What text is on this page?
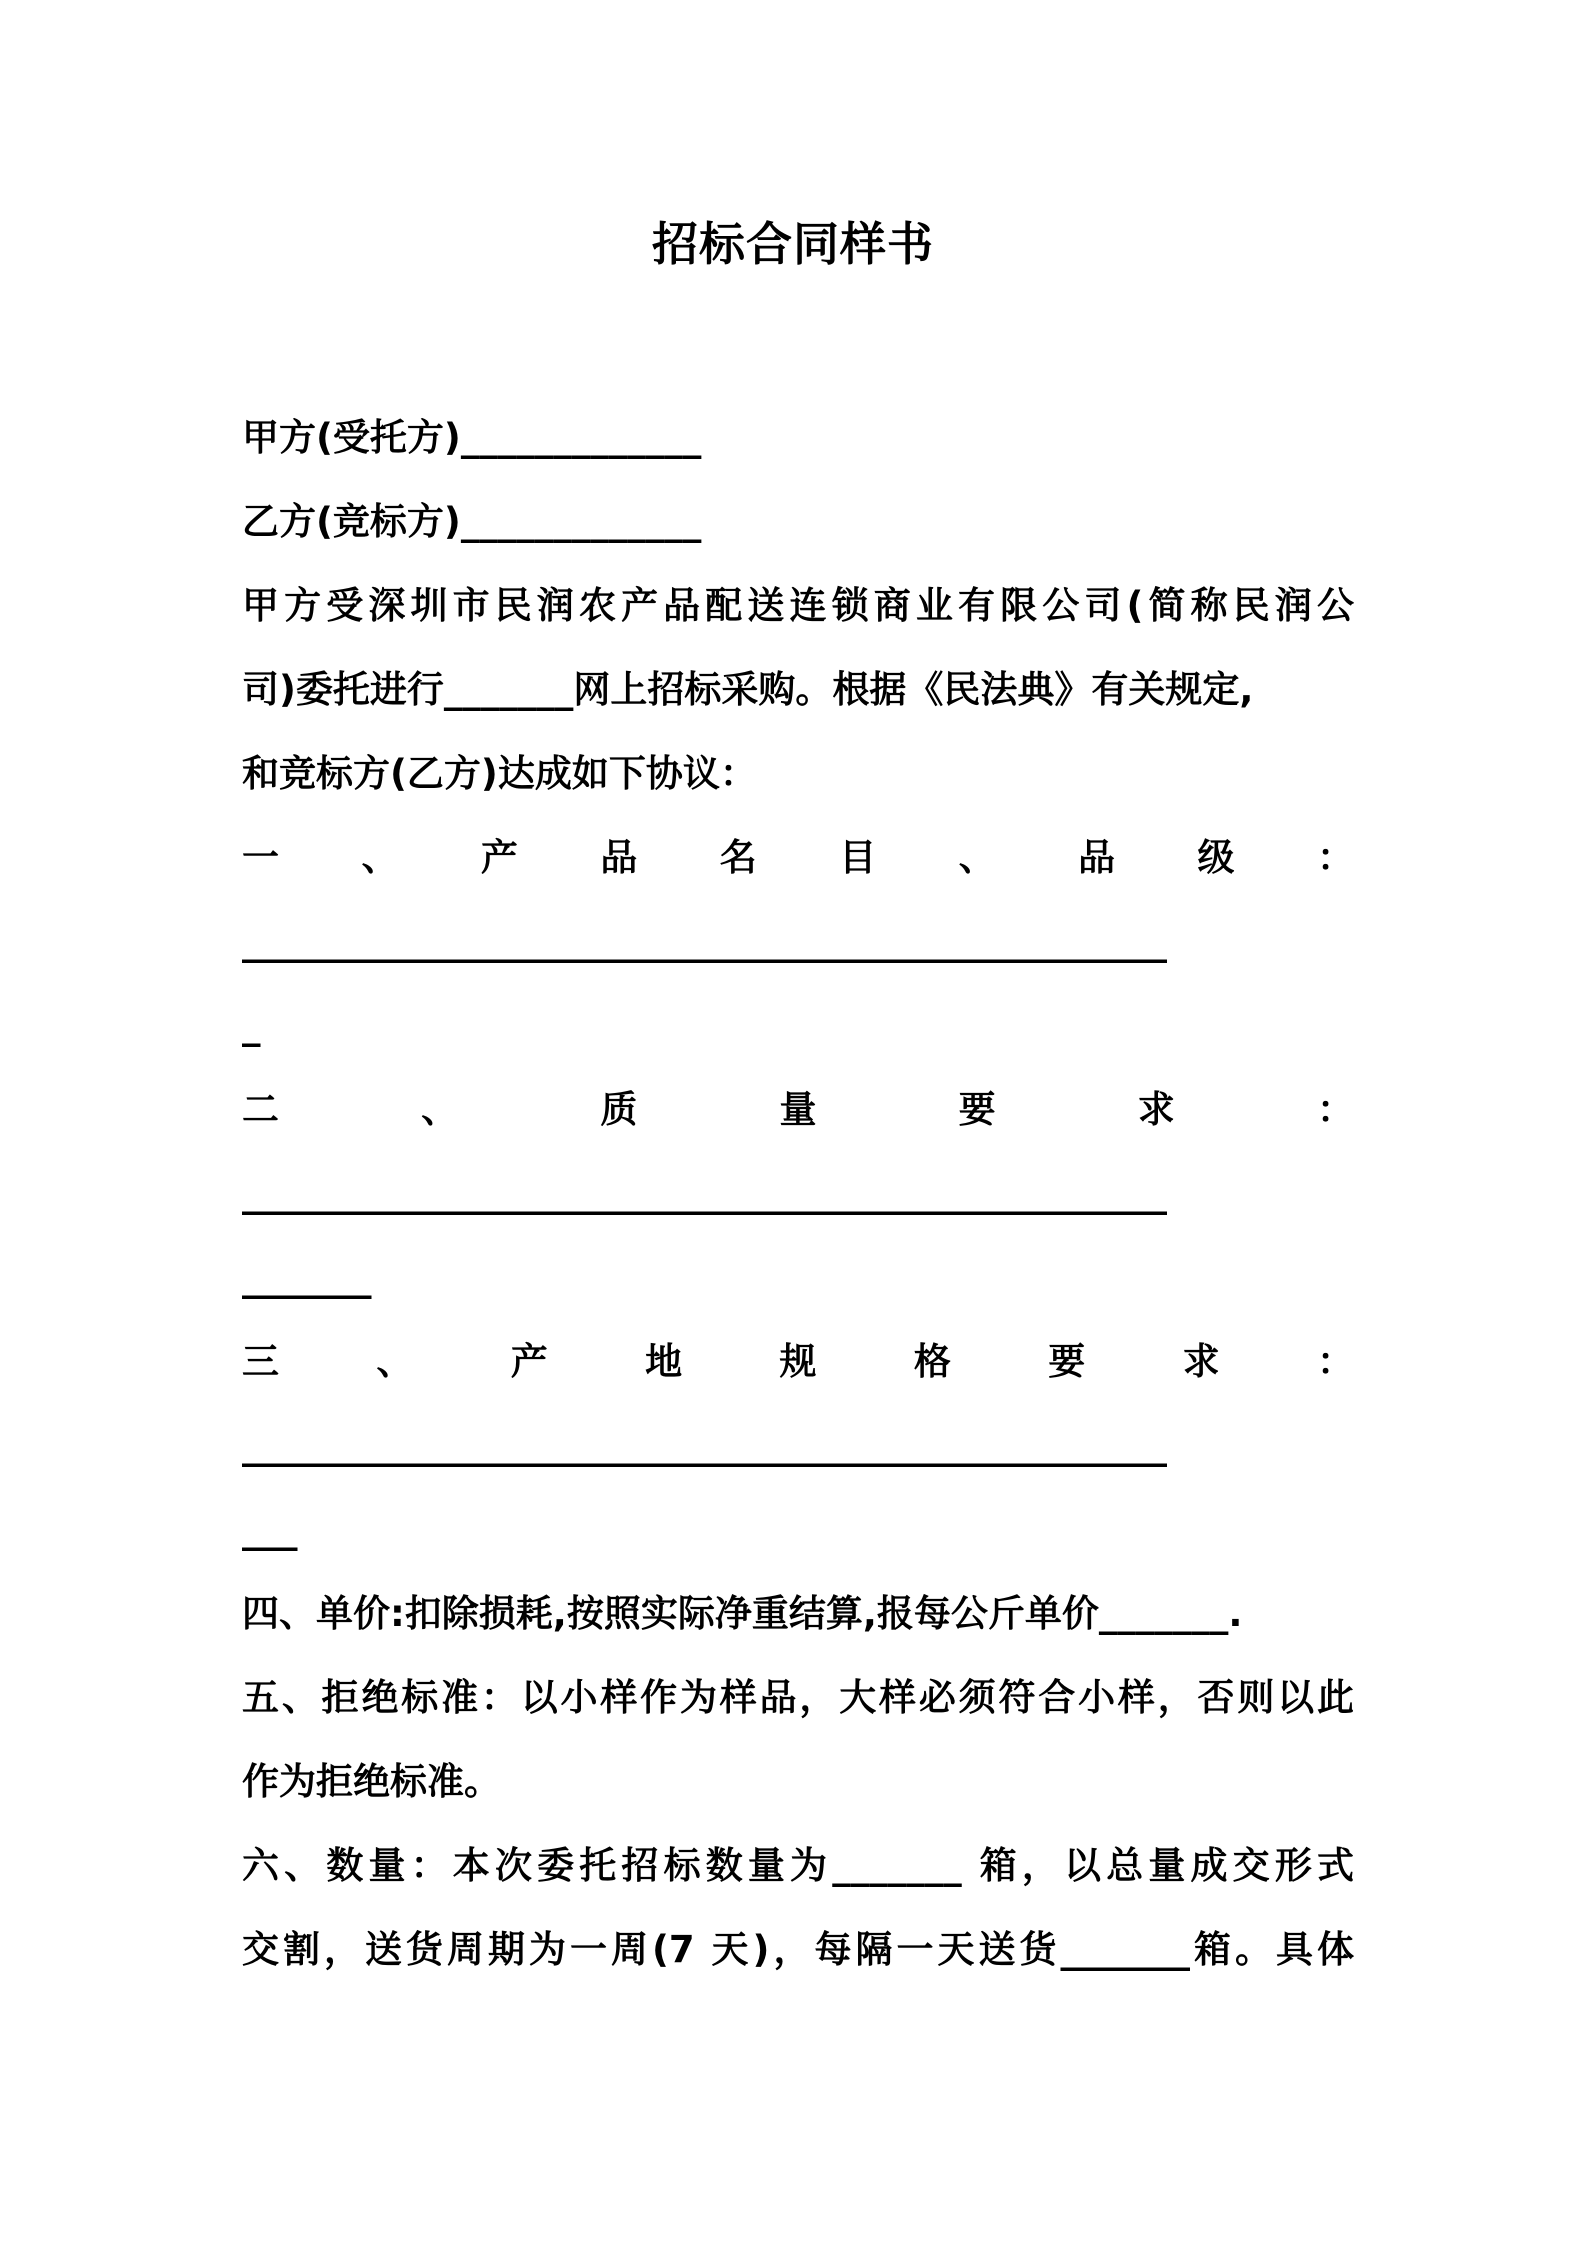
招标合同样书
甲方(受托方)_____________
乙方(竞标方)_____________
甲方受深圳市民润农产品配送连锁商业有限公司(简称民润公
司)委托进行_______网上招标采购。根据《民法典》有关规定,
和竞标方(乙方)达成如下协议：
一 、 产 品 名 目 、 品 级 ：
__________________________________________________
_
二	、	质	量	要	求	：
__________________________________________________
_______
三	、	产	地	规	格	要	求	：
__________________________________________________
___
四、单价:扣除损耗,按照实际净重结算,报每公斤单价_______.
五、拒绝标准：以小样作为样品，大样必须符合小样，否则以此
作为拒绝标准。
六、数量：本次委托招标数量为_______ 箱，以总量成交形式
交割，送货周期为一周(7 天)，每隔一天送货_______箱。具体
